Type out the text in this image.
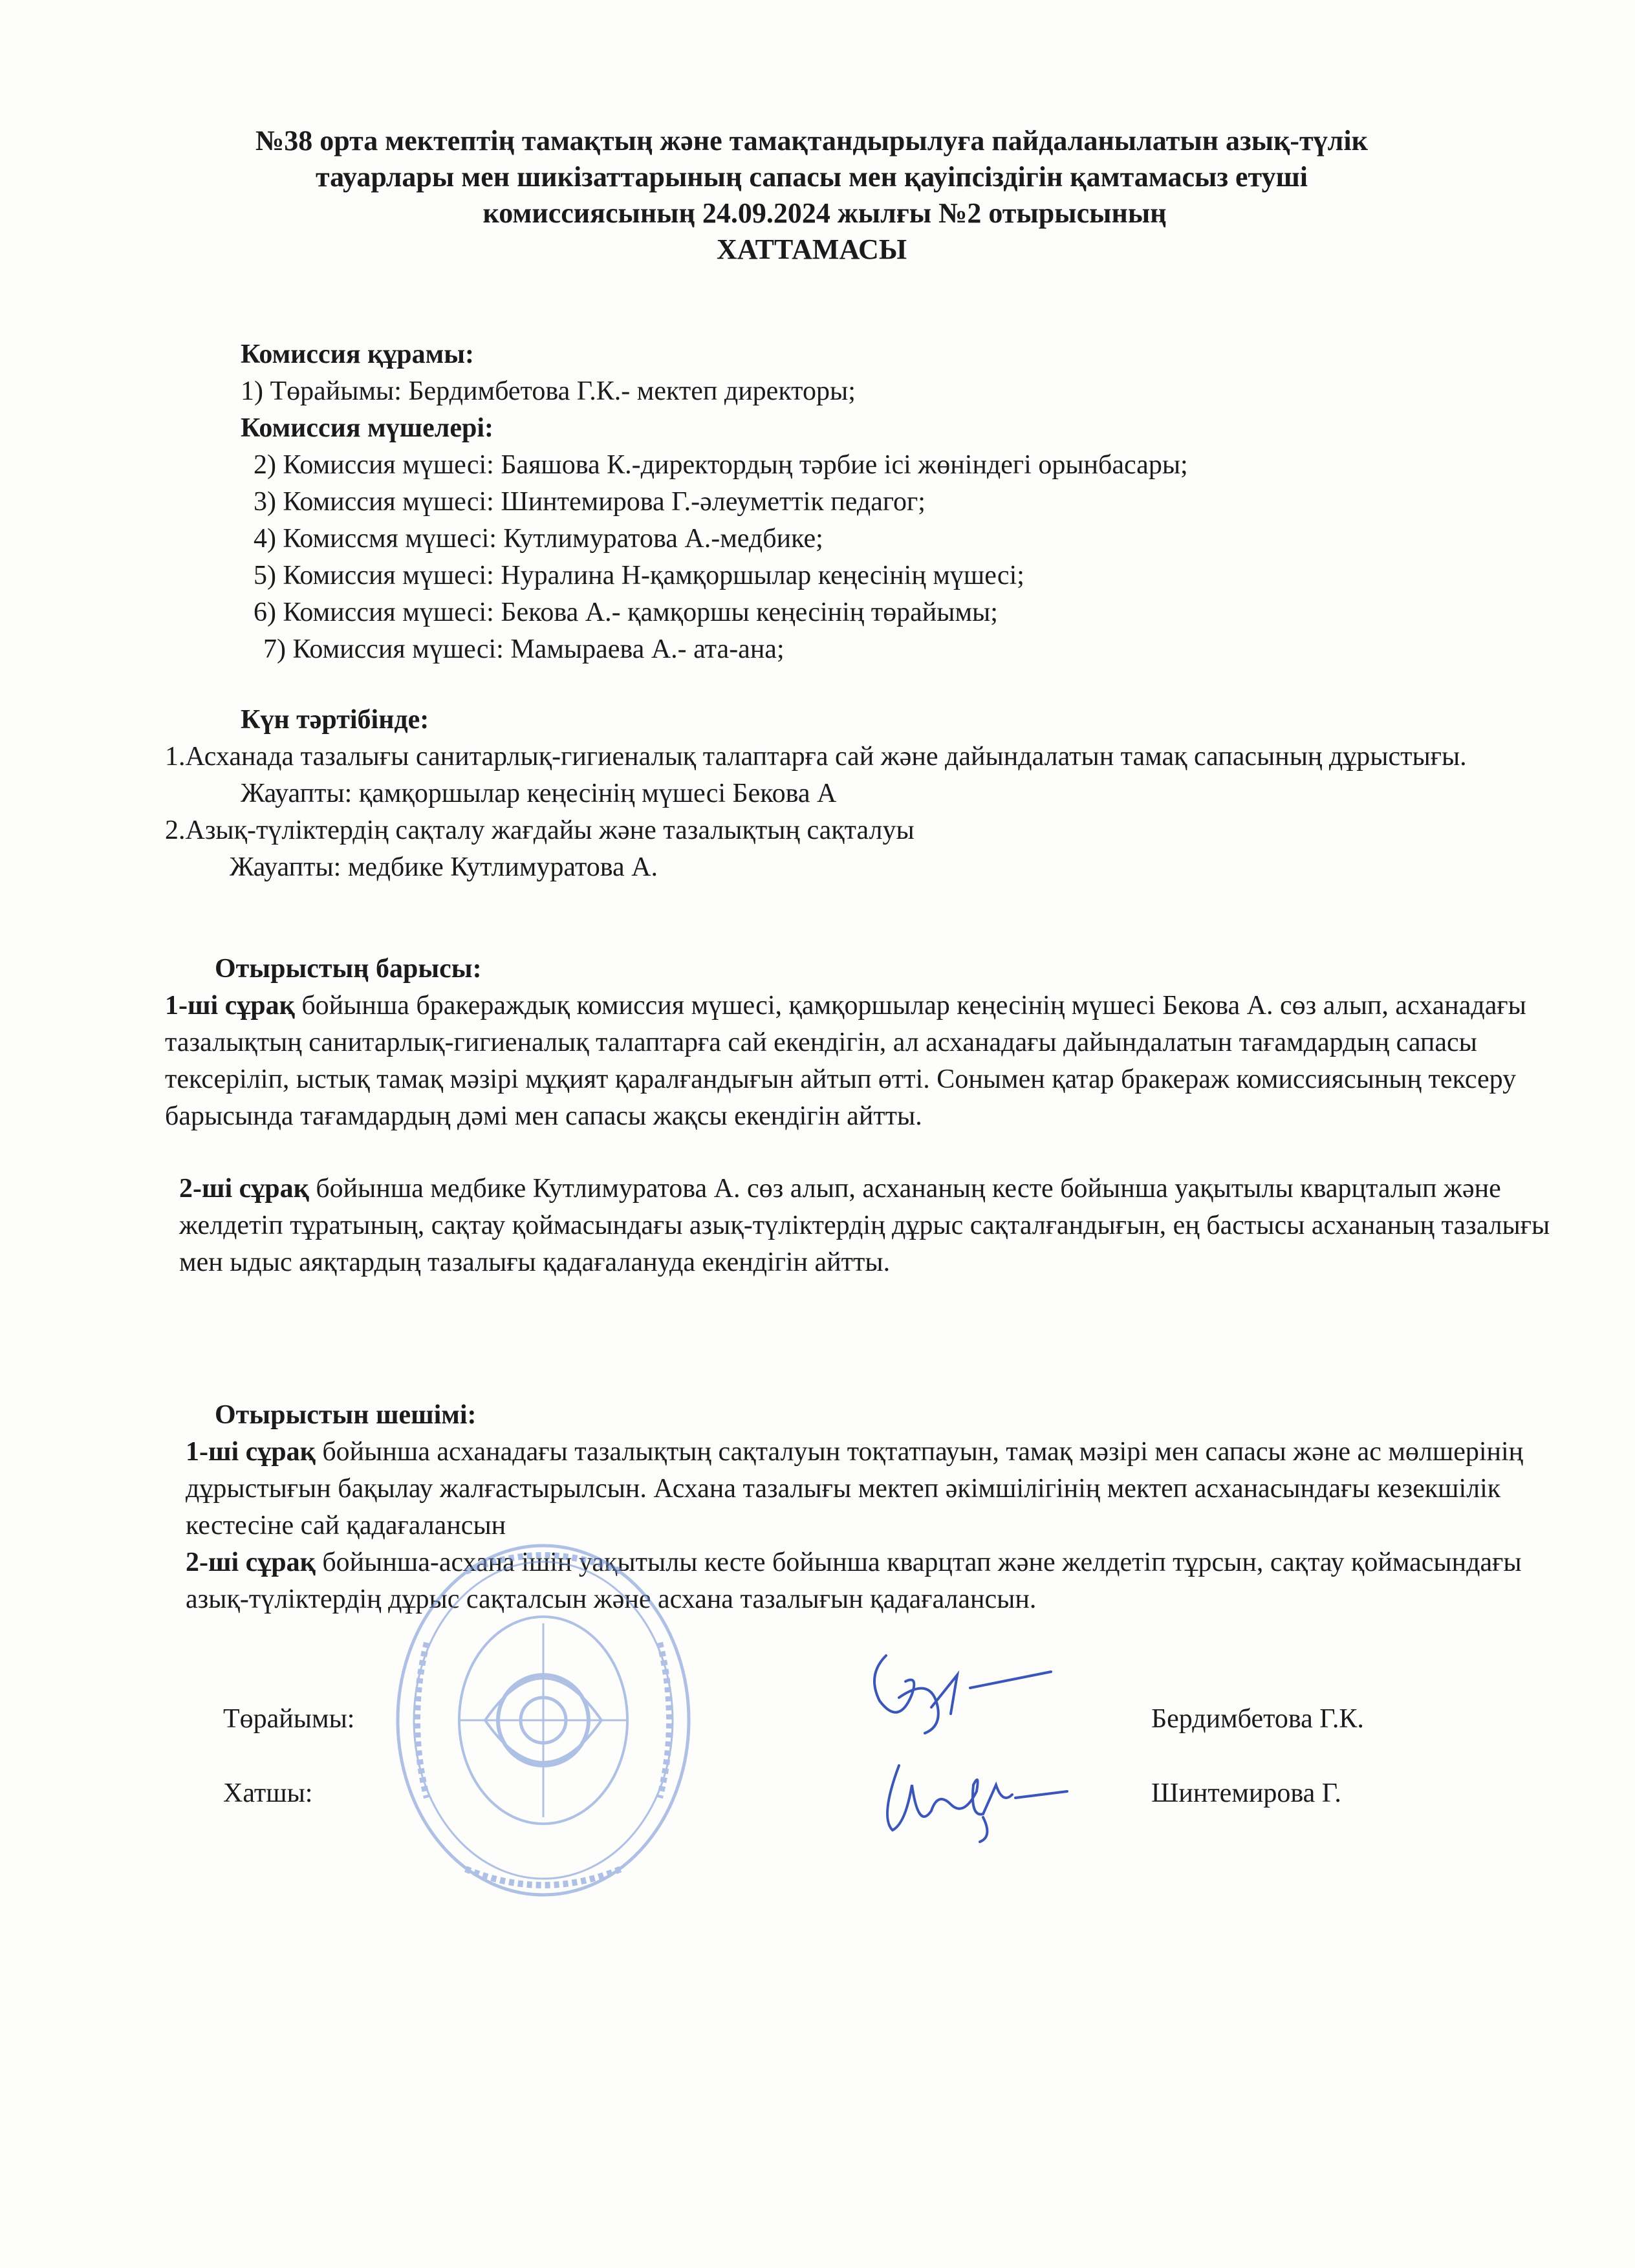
№38 орта мектептің тамақтың және тамақтандырылуға пайдаланылатын азық-түлік
тауарлары мен шикізаттарының сапасы мен қауіпсіздігін қамтамасыз етуші
комиссиясының 24.09.2024 жылғы №2 отырысының
ХАТТАМАСЫ
Комиссия құрамы:
1) Төрайымы: Бердимбетова Г.К.- мектеп директоры;
Комиссия мүшелері:
2) Комиссия мүшесі: Баяшова К.-директордың тәрбие ісі жөніндегі орынбасары;
3) Комиссия мүшесі: Шинтемирова Г.-әлеуметтік педагог;
4) Комиссмя мүшесі: Кутлимуратова А.-медбике;
5) Комиссия мүшесі: Нуралина Н-қамқоршылар кеңесінің мүшесі;
6) Комиссия мүшесі: Бекова А.- қамқоршы кеңесінің төрайымы;
7) Комиссия мүшесі: Мамыраева А.- ата-ана;
Күн тәртібінде:
1.Асханада тазалығы санитарлық-гигиеналық талаптарға сай және дайындалатын тамақ сапасының дұрыстығы.
Жауапты: қамқоршылар кеңесінің мүшесі Бекова А
2.Азық-түліктердің сақталу жағдайы және тазалықтың сақталуы
Жауапты: медбике Кутлимуратова А.
Отырыстың барысы:
1-ші сұрақ бойынша бракераждық комиссия мүшесі, қамқоршылар кеңесінің мүшесі Бекова А. сөз алып, асханадағы тазалықтың санитарлық-гигиеналық талаптарға сай екендігін, ал асханадағы дайындалатын тағамдардың сапасы тексеріліп, ыстық тамақ мәзірі мұқият қаралғандығын айтып өтті. Сонымен қатар бракераж комиссиясының тексеру барысында тағамдардың дәмі мен сапасы жақсы екендігін айтты.
2-ші сұрақ бойынша медбике Кутлимуратова А. сөз алып, асхананың кесте бойынша уақытылы кварцталып және желдетіп тұратының, сақтау қоймасындағы азық-түліктердің дұрыс сақталғандығын, ең бастысы асхананың тазалығы мен ыдыс аяқтардың тазалығы қадағалануда екендігін айтты.
Отырыстын шешімі:
1-ші сұрақ бойынша асханадағы тазалықтың сақталуын тоқтатпауын, тамақ мәзірі мен сапасы және ас мөлшерінің дұрыстығын бақылау жалғастырылсын. Асхана тазалығы мектеп әкімшілігінің мектеп асханасындағы кезекшілік кестесіне сай қадағалансын
2-ші сұрақ бойынша-асхана ішін уақытылы кесте бойынша кварцтап және желдетіп тұрсын, сақтау қоймасындағы азық-түліктердің дұрыс сақталсын және асхана тазалығын қадағалансын.
Төрайымы:	Бердимбетова Г.К.
Хатшы:	Шинтемирова Г.
